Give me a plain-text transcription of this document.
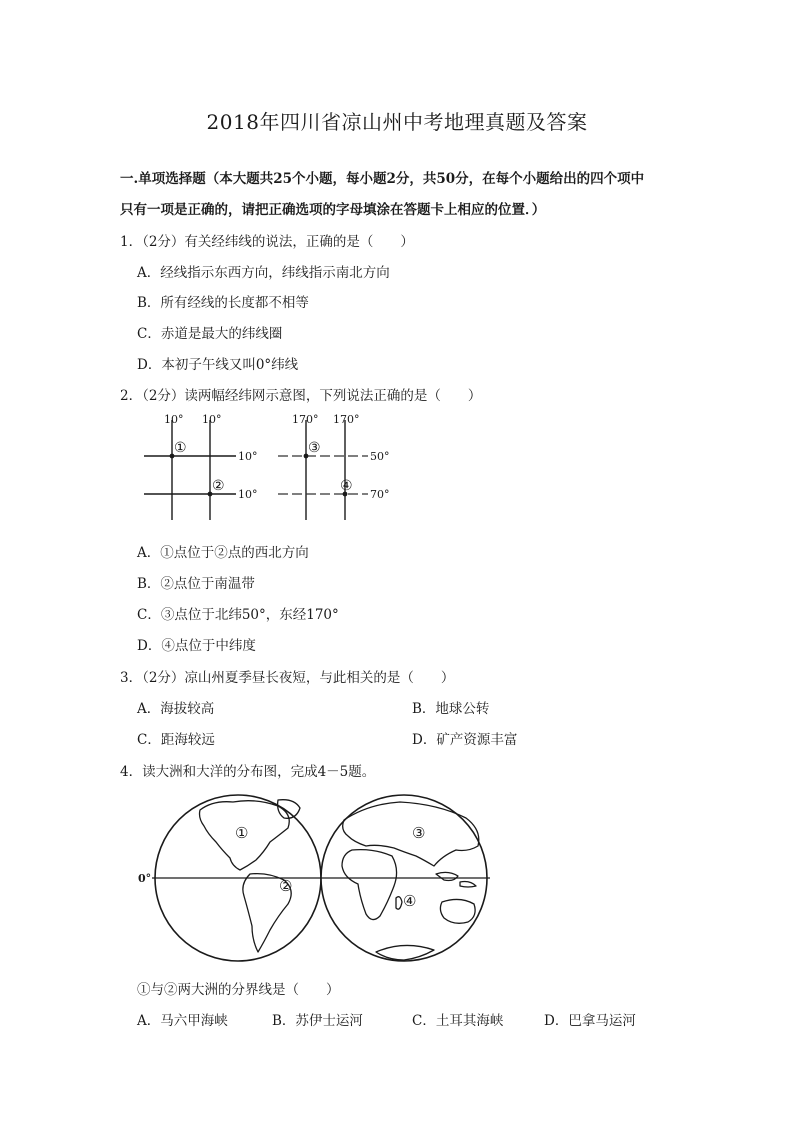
2018年四川省凉山州中考地理真题及答案
一.单项选择题（本大题共25个小题，每小题2分，共50分，在每个小题给出的四个项中
只有一项是正确的，请把正确选项的字母填涂在答题卡上相应的位置．）
1．（2分）有关经纬线的说法，正确的是（　　）
A．经线指示东西方向，纬线指示南北方向
B．所有经线的长度都不相等
C．赤道是最大的纬线圈
D．本初子午线又叫0°纬线
2．（2分）读两幅经纬网示意图，下列说法正确的是（　　）
10° 10°
10°
10°
170° 170°
50°
70°
①
②
③
④
A．①点位于②点的西北方向
B．②点位于南温带
C．③点位于北纬50°，东经170°
D．④点位于中纬度
3．（2分）凉山州夏季昼长夜短，与此相关的是（　　）
A．海拔较高	B．地球公转
C．距海较远	D．矿产资源丰富
4．读大洲和大洋的分布图，完成4－5题。
0°
①
②
③
④
①与②两大洲的分界线是（　　）
A．马六甲海峡	B．苏伊士运河	C．土耳其海峡	D．巴拿马运河
